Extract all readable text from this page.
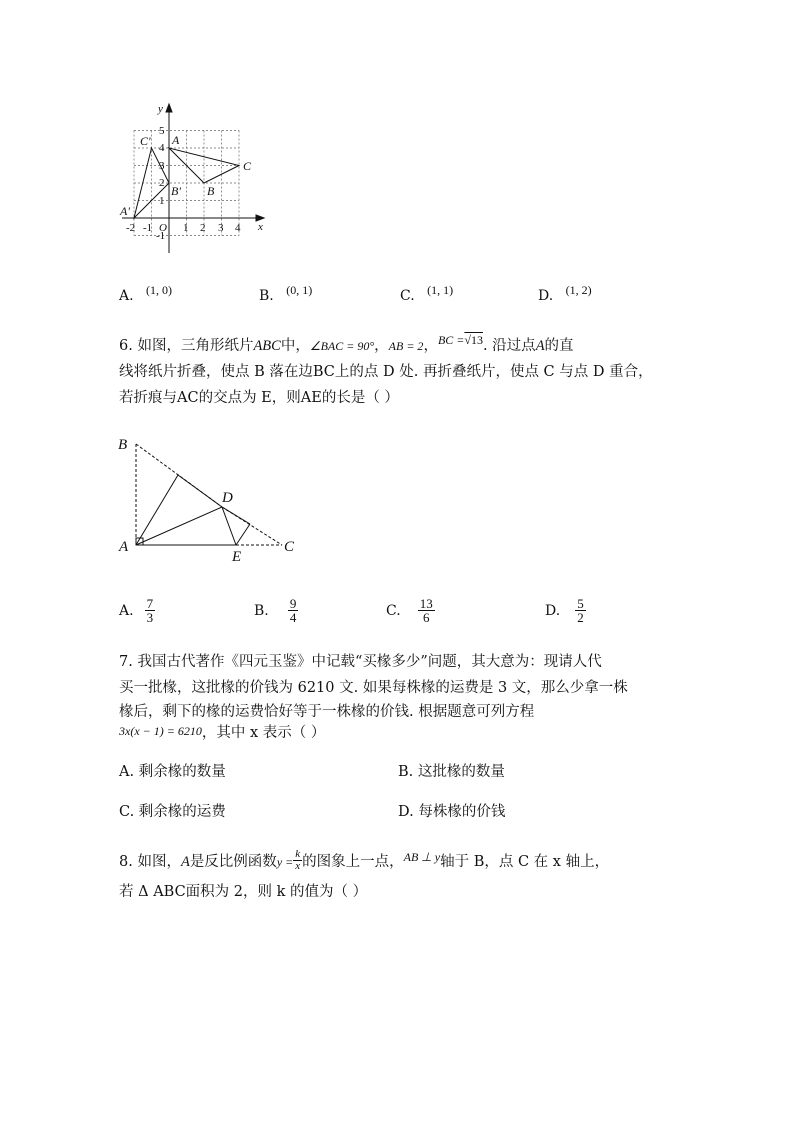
y
x
5
4
3
2
1
-1
-2 -1 O 1 2 3 4
C' A
C
B
B'
A'
A. (1, 0)	B. (0, 1)	C. (1, 1)	D. (1, 2)
6. 如图，三角形纸片ABC中，∠BAC = 90°，AB = 2，$^{BC =√13}$. 沿过点A的直
线将纸片折叠，使点 B 落在边BC上的点 D 处. 再折叠纸片，使点 C 与点 D 重合，
若折痕与AC的交点为 E，则AE的长是（ ）
B
D
A
E
C
A. $\frac{7}{3}$	B. $\frac{9}{4}$	C. $\frac{13}{6}$	D. $\frac{5}{2}$
7. 我国古代著作《四元玉鉴》中记载“买椽多少”问题，其大意为：现请人代
买一批椽，这批椽的价钱为 6210 文. 如果每株椽的运费是 3 文，那么少拿一株
椽后，剩下的椽的运费恰好等于一株椽的价钱. 根据题意可列方程
3x(x − 1) = 6210，其中 x 表示（ ）
A. 剩余椽的数量	B. 这批椽的数量
C. 剩余椽的运费	D. 每株椽的价钱
8. 如图，A是反比例函数$y = \frac{k}{x}$ 的图象上一点，$^{AB \perp y}$轴于 B，点 C 在 x 轴上，
若 Δ ABC面积为 2，则 k 的值为（ ）
